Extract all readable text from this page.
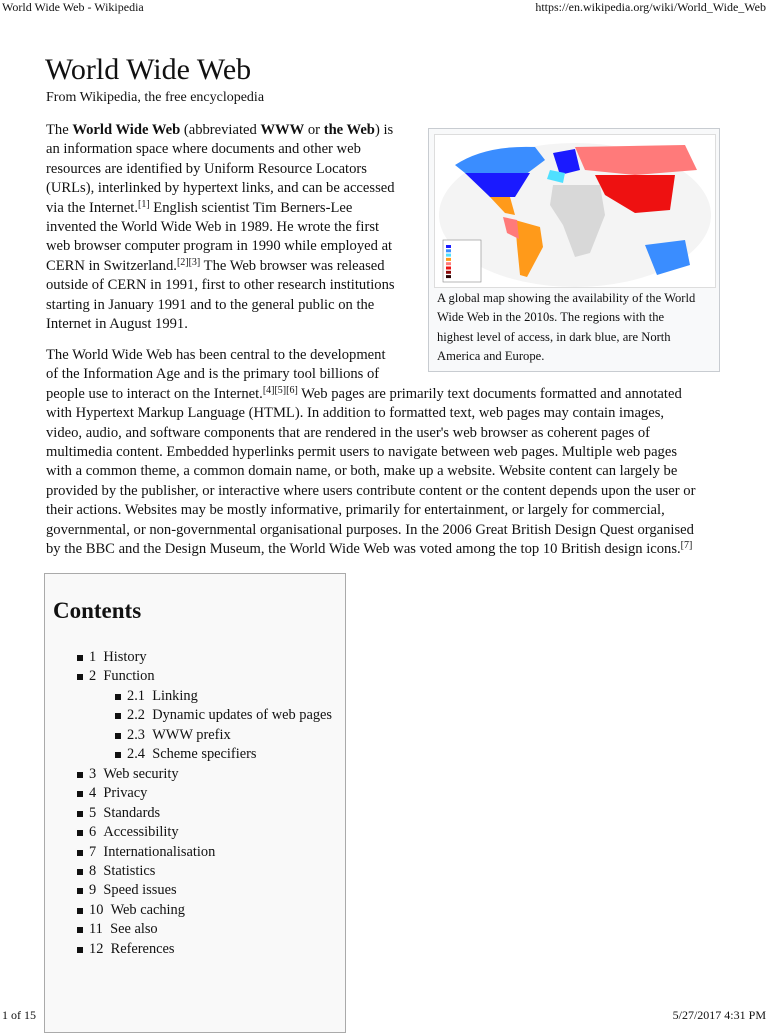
World Wide Web - Wikipedia	https://en.wikipedia.org/wiki/World_Wide_Web
World Wide Web
From Wikipedia, the free encyclopedia
The World Wide Web (abbreviated WWW or the Web) is
an information space where documents and other web
resources are identified by Uniform Resource Locators
(URLs), interlinked by hypertext links, and can be accessed
via the Internet.[1] English scientist Tim Berners-Lee
invented the World Wide Web in 1989. He wrote the first
web browser computer program in 1990 while employed at
CERN in Switzerland.[2][3] The Web browser was released
outside of CERN in 1991, first to other research institutions
starting in January 1991 and to the general public on the
Internet in August 1991.
The World Wide Web has been central to the development
of the Information Age and is the primary tool billions of
people use to interact on the Internet.[4][5][6] Web pages are primarily text documents formatted and annotated
with Hypertext Markup Language (HTML). In addition to formatted text, web pages may contain images,
video, audio, and software components that are rendered in the user's web browser as coherent pages of
multimedia content. Embedded hyperlinks permit users to navigate between web pages. Multiple web pages
with a common theme, a common domain name, or both, make up a website. Website content can largely be
provided by the publisher, or interactive where users contribute content or the content depends upon the user or
their actions. Websites may be mostly informative, primarily for entertainment, or largely for commercial,
governmental, or non-governmental organisational purposes. In the 2006 Great British Design Quest organised
by the BBC and the Design Museum, the World Wide Web was voted among the top 10 British design icons.[7]
A global map showing the availability of the World
Wide Web in the 2010s. The regions with the
highest level of access, in dark blue, are North
America and Europe.
Contents
1 History
2 Function
2.1 Linking
2.2 Dynamic updates of web pages
2.3 WWW prefix
2.4 Scheme specifiers
3 Web security
4 Privacy
5 Standards
6 Accessibility
7 Internationalisation
8 Statistics
9 Speed issues
10 Web caching
11 See also
12 References
1 of 15	5/27/2017 4:31 PM
